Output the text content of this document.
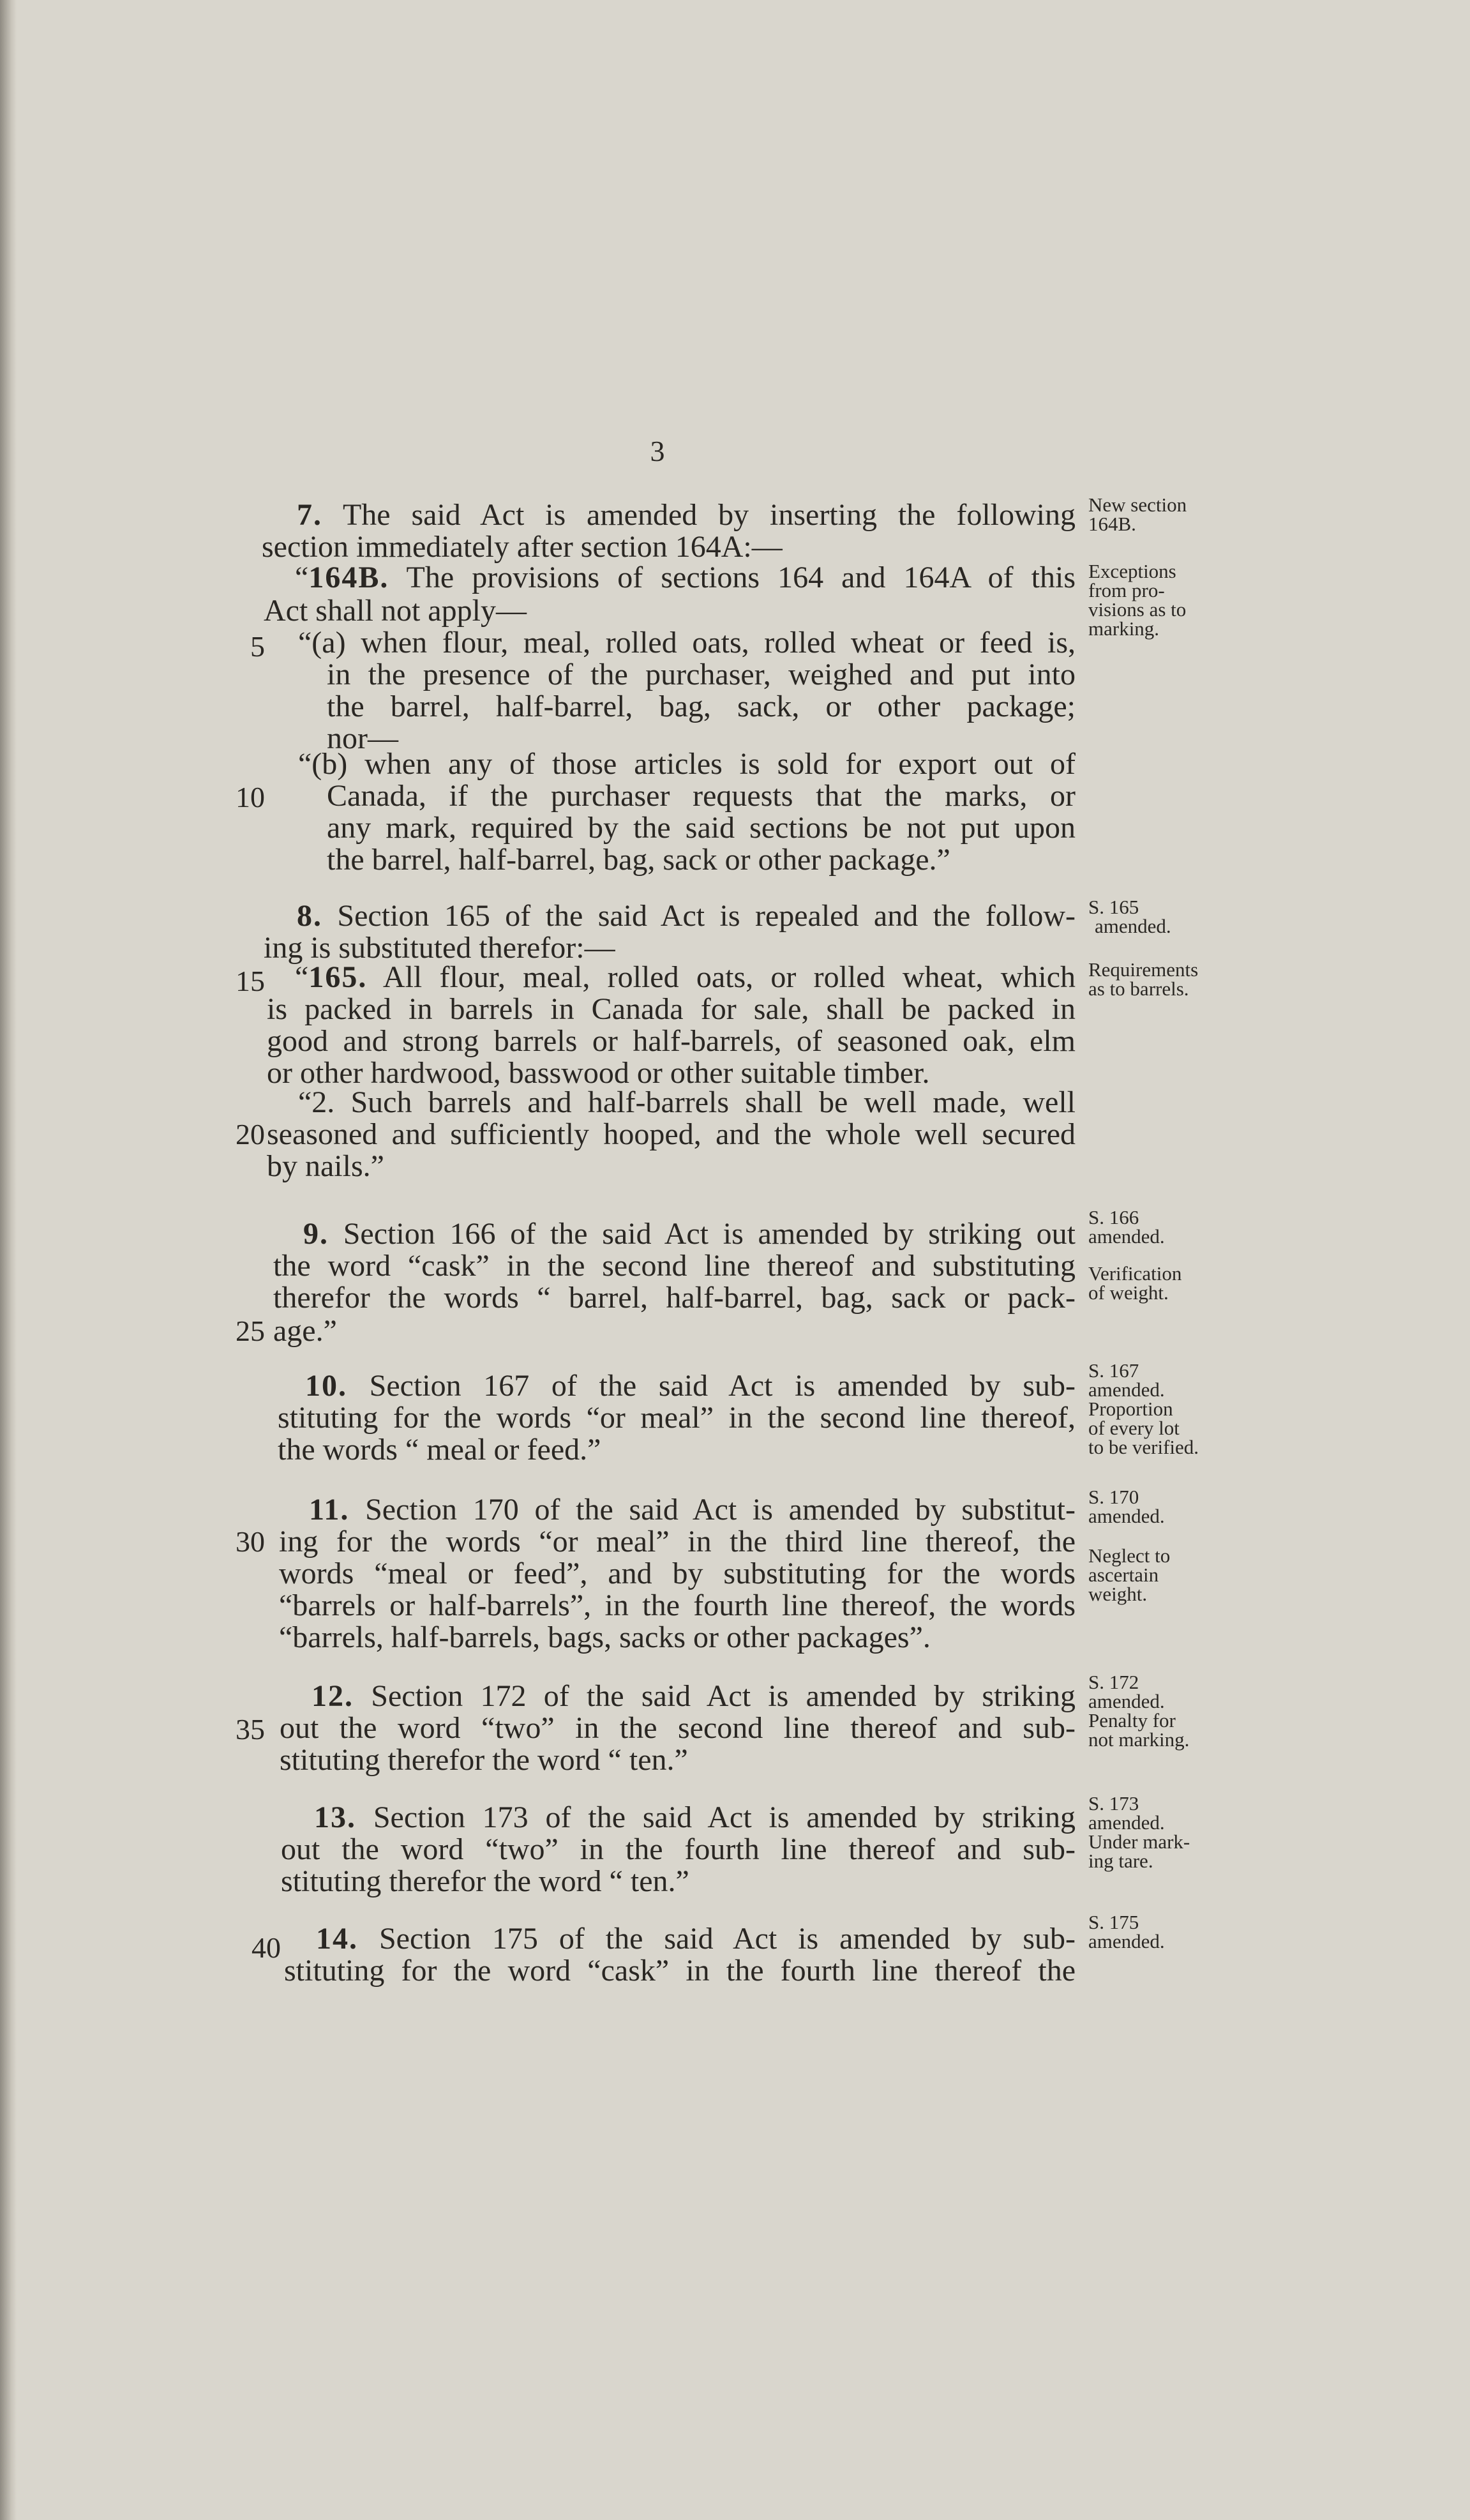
3
5
10
15
20
25
30
35
40
7. The said Act is amended by inserting the following
section immediately after section 164A:—
“164B. The provisions of sections 164 and 164A of this
Act shall not apply—
“(a) when flour, meal, rolled oats, rolled wheat or feed is,
in the presence of the purchaser, weighed and put into
the barrel, half-barrel, bag, sack, or other package;
nor—
“(b) when any of those articles is sold for export out of
Canada, if the purchaser requests that the marks, or
any mark, required by the said sections be not put upon
the barrel, half-barrel, bag, sack or other package.”
8. Section 165 of the said Act is repealed and the follow-
ing is substituted therefor:—
“165. All flour, meal, rolled oats, or rolled wheat, which
is packed in barrels in Canada for sale, shall be packed in
good and strong barrels or half-barrels, of seasoned oak, elm
or other hardwood, basswood or other suitable timber.
“2. Such barrels and half-barrels shall be well made, well
seasoned and sufficiently hooped, and the whole well secured
by nails.”
9. Section 166 of the said Act is amended by striking out
the word “cask” in the second line thereof and substituting
therefor the words “ barrel, half-barrel, bag, sack or pack-
age.”
10. Section 167 of the said Act is amended by sub-
stituting for the words “or meal” in the second line thereof,
the words “ meal or feed.”
11. Section 170 of the said Act is amended by substitut-
ing for the words “or meal” in the third line thereof, the
words “meal or feed”, and by substituting for the words
“barrels or half-barrels”, in the fourth line thereof, the words
“barrels, half-barrels, bags, sacks or other packages”.
12. Section 172 of the said Act is amended by striking
out the word “two” in the second line thereof and sub-
stituting therefor the word “ ten.”
13. Section 173 of the said Act is amended by striking
out the word “two” in the fourth line thereof and sub-
stituting therefor the word “ ten.”
14. Section 175 of the said Act is amended by sub-
stituting for the word “cask” in the fourth line thereof the
New section
164B.
Exceptions
from pro-
visions as to
marking.
S. 165
amended.
Requirements
as to barrels.
S. 166
amended.
Verification
of weight.
S. 167
amended.
Proportion
of every lot
to be verified.
S. 170
amended.
Neglect to
ascertain
weight.
S. 172
amended.
Penalty for
not marking.
S. 173
amended.
Under mark-
ing tare.
S. 175
amended.
